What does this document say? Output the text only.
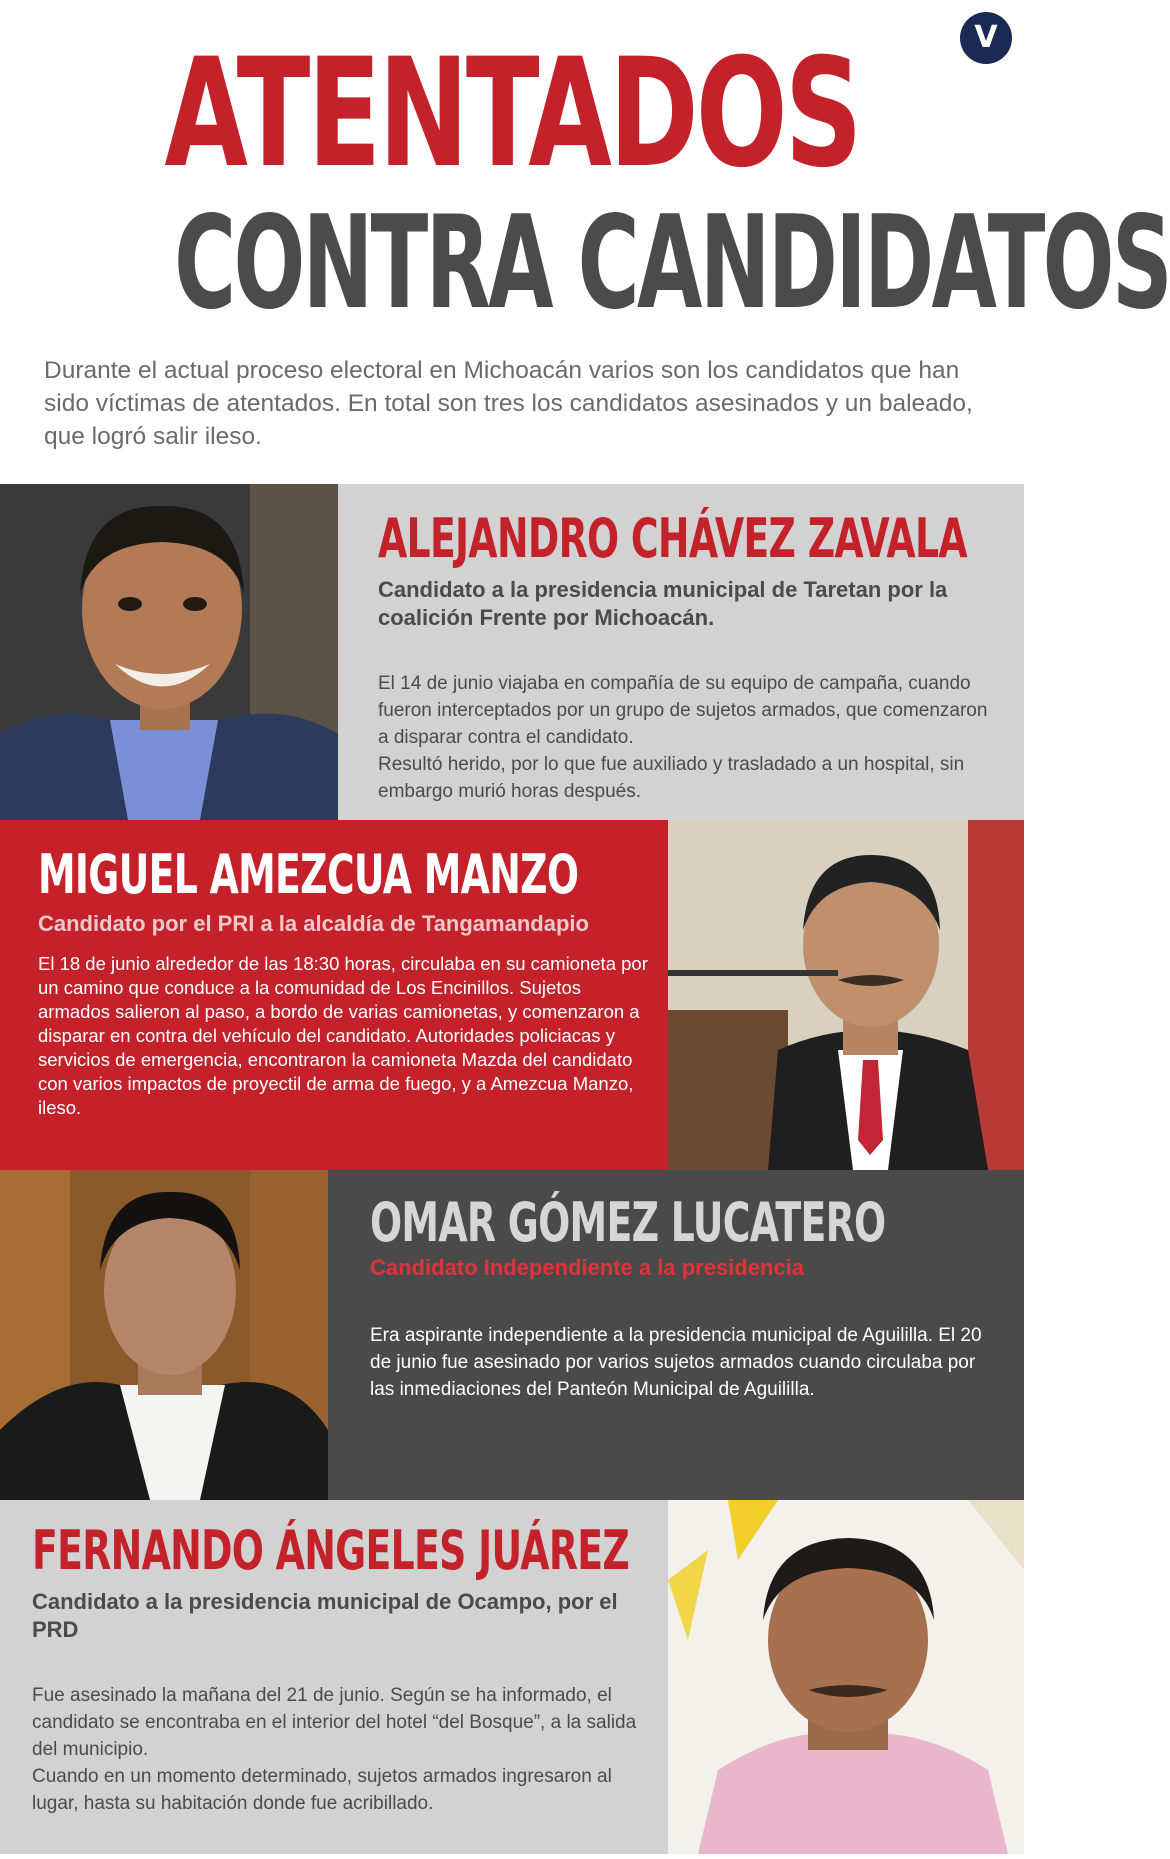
V
ATENTADOS
CONTRA CANDIDATOS
Durante el actual proceso electoral en Michoacán varios son los candidatos que han sido víctimas de atentados. En total son tres los candidatos asesinados y un baleado, que logró salir ileso.
ALEJANDRO CHÁVEZ ZAVALA
Candidato a la presidencia municipal de Taretan por la coalición Frente por Michoacán.
El 14 de junio viajaba en compañía de su equipo de campaña, cuando fueron interceptados por un grupo de sujetos armados, que comenzaron a disparar contra el candidato.
Resultó herido, por lo que fue auxiliado y trasladado a un hospital, sin embargo murió horas después.
MIGUEL AMEZCUA MANZO
Candidato por el PRI a la alcaldía de Tangamandapio
El 18 de junio alrededor de las 18:30 horas, circulaba en su camioneta por un camino que conduce a la comunidad de Los Encinillos. Sujetos armados salieron al paso, a bordo de varias camionetas, y comenzaron a disparar en contra del vehículo del candidato. Autoridades policiacas y servicios de emergencia, encontraron la camioneta Mazda del candidato con varios impactos de proyectil de arma de fuego, y a Amezcua Manzo, ileso.
OMAR GÓMEZ LUCATERO
Candidato Independiente a la presidencia
Era aspirante independiente a la presidencia municipal de Aguililla. El 20 de junio fue asesinado por varios sujetos armados cuando circulaba por las inmediaciones del Panteón Municipal de Aguililla.
FERNANDO ÁNGELES JUÁREZ
Candidato a la presidencia municipal de Ocampo, por el PRD
Fue asesinado la mañana del 21 de junio. Según se ha informado, el candidato se encontraba en el interior del hotel “del Bosque”, a la salida del municipio.
Cuando en un momento determinado, sujetos armados ingresaron al lugar, hasta su habitación donde fue acribillado.
